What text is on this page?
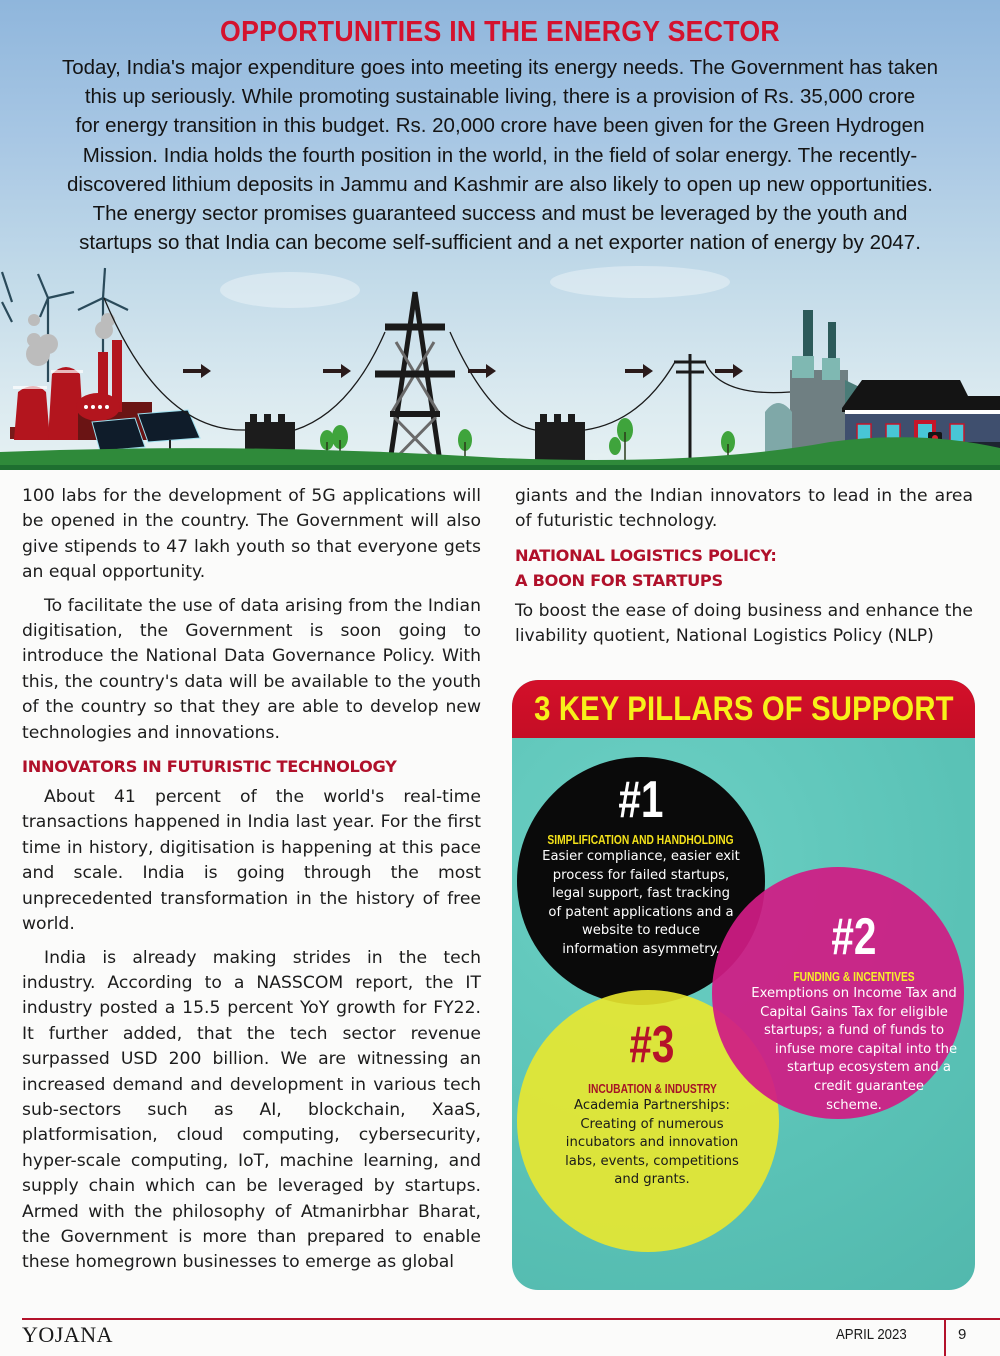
OPPORTUNITIES IN THE ENERGY SECTOR
Today, India's major expenditure goes into meeting its energy needs. The Government has taken
this up seriously. While promoting sustainable living, there is a provision of Rs. 35,000 crore
for energy transition in this budget. Rs. 20,000 crore have been given for the Green Hydrogen
Mission. India holds the fourth position in the world, in the field of solar energy. The recently-
discovered lithium deposits in Jammu and Kashmir are also likely to open up new opportunities.
The energy sector promises guaranteed success and must be leveraged by the youth and
startups so that India can become self-sufficient and a net exporter nation of energy by 2047.

100 labs for the development of 5G applications will be opened in the country. The Government will also give stipends to 47 lakh youth so that everyone gets an equal opportunity.

To facilitate the use of data arising from the Indian digitisation, the Government is soon going to introduce the National Data Governance Policy. With this, the country's data will be available to the youth of the country so that they are able to develop new technologies and innovations.

INNOVATORS IN FUTURISTIC TECHNOLOGY

About 41 percent of the world's real-time transactions happened in India last year. For the first time in history, digitisation is happening at this pace and scale. India is going through the most unprecedented transformation in the history of free world.

India is already making strides in the tech industry. According to a NASSCOM report, the IT industry posted a 15.5 percent YoY growth for FY22. It further added, that the tech sector revenue surpassed USD 200 billion. We are witnessing an increased demand and development in various tech sub-sectors such as AI, blockchain, XaaS, platformisation, cloud computing, cybersecurity, hyper-scale computing, IoT, machine learning, and supply chain which can be leveraged by startups. Armed with the philosophy of Atmanirbhar Bharat, the Government is more than prepared to enable these homegrown businesses to emerge as global

giants and the Indian innovators to lead in the area of futuristic technology.

NATIONAL LOGISTICS POLICY:
A BOON FOR STARTUPS

To boost the ease of doing business and enhance the livability quotient, National Logistics Policy (NLP)

3 KEY PILLARS OF SUPPORT
#1
SIMPLIFICATION AND HANDHOLDING
Easier compliance, easier exit
process for failed startups,
legal support, fast tracking
of patent applications and a
website to reduce
information asymmetry.	#2
FUNDING & INCENTIVES
Exemptions on Income Tax and
Capital Gains Tax for eligible
startups; a fund of funds to
infuse more capital into the
startup ecosystem and a
credit guarantee
scheme.
#3
INCUBATION & INDUSTRY
Academia Partnerships:
Creating of numerous
incubators and innovation
labs, events, competitions
and grants.
YOJANA	APRIL 2023	9
